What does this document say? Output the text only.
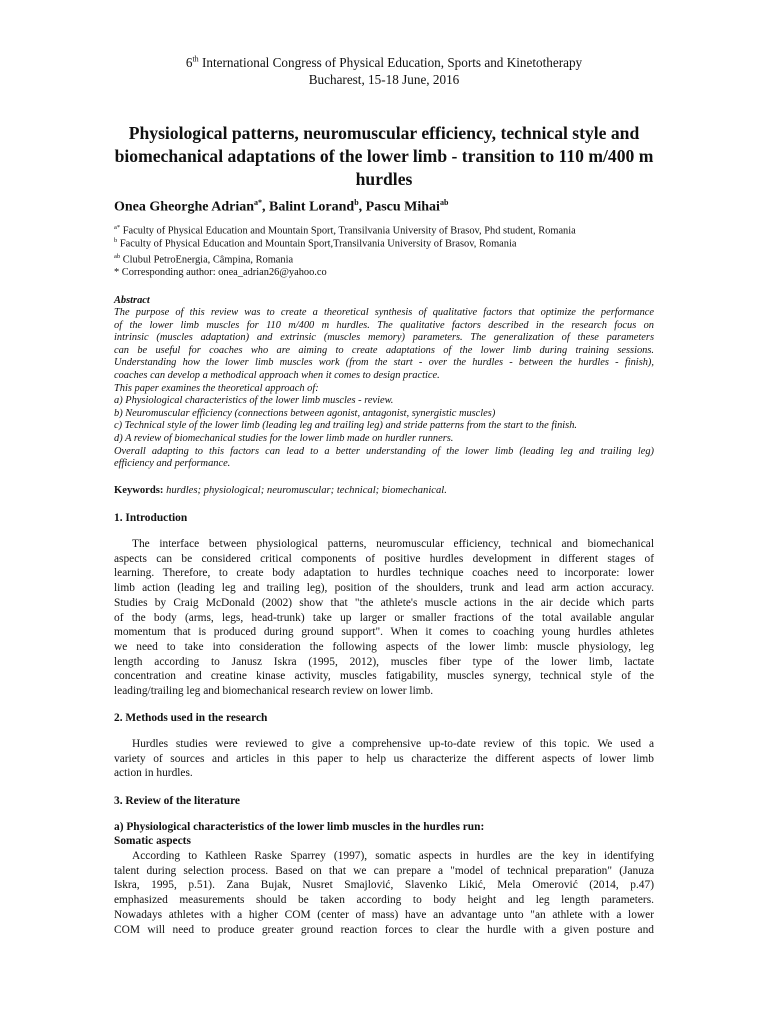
6th International Congress of Physical Education, Sports and Kinetotherapy
Bucharest, 15-18 June, 2016
Physiological patterns, neuromuscular efficiency, technical style and biomechanical adaptations of the lower limb - transition to 110 m/400 m hurdles
Onea Gheorghe Adrian$^{a*}$, Balint Lorand$^b$, Pascu Mihai$^{ab}$
$^{a*}$ Faculty of Physical Education and Mountain Sport, Transilvania University of Brasov, Phd student, Romania
$^b$ Faculty of Physical Education and Mountain Sport,Transilvania University of Brasov, Romania
$^{ab}$ Clubul PetroEnergia, Câmpina, Romania
* Corresponding author: onea_adrian26@yahoo.co
Abstract

The purpose of this review was to create a theoretical synthesis of qualitative factors that optimize the performance

of the lower limb muscles for 110 m/400 m hurdles. The qualitative factors described in the research focus on

intrinsic (muscles adaptation) and extrinsic (muscles memory) parameters. The generalization of these parameters

can be useful for coaches who are aiming to create adaptations of the lower limb during training sessions.

Understanding how the lower limb muscles work (from the start - over the hurdles - between the hurdles - finish),

coaches can develop a methodical approach when it comes to design practice.

This paper examines the theoretical approach of:

a) Physiological characteristics of the lower limb muscles - review.

b) Neuromuscular efficiency (connections between agonist, antagonist, synergistic muscles)

c) Technical style of the lower limb (leading leg and trailing leg) and stride patterns from the start to the finish.

d) A review of biomechanical studies for the lower limb made on hurdler runners.

Overall adapting to this factors can lead to a better understanding of the lower limb (leading leg and trailing leg)

efficiency and performance.

Keywords: hurdles; physiological; neuromuscular; technical; biomechanical.
1. Introduction

The interface between physiological patterns, neuromuscular efficiency, technical and biomechanical

aspects can be considered critical components of positive hurdles development in different stages of

learning. Therefore, to create body adaptation to hurdles technique coaches need to incorporate: lower

limb action (leading leg and trailing leg), position of the shoulders, trunk and lead arm action accuracy.

Studies by Craig McDonald (2002) show that "the athlete's muscle actions in the air decide which parts

of the body (arms, legs, head-trunk) take up larger or smaller fractions of the total available angular

momentum that is produced during ground support". When it comes to coaching young hurdles athletes

we need to take into consideration the following aspects of the lower limb: muscle physiology, leg

length according to Janusz Iskra (1995, 2012), muscles fiber type of the lower limb, lactate

concentration and creatine kinase activity, muscles fatigability, muscles synergy, technical style of the

leading/trailing leg and biomechanical research review on lower limb.

2. Methods used in the research

Hurdles studies were reviewed to give a comprehensive up-to-date review of this topic. We used a

variety of sources and articles in this paper to help us characterize the different aspects of lower limb

action in hurdles.

3. Review of the literature
a) Physiological characteristics of the lower limb muscles in the hurdles run:
Somatic aspects

According to Kathleen Raske Sparrey (1997), somatic aspects in hurdles are the key in identifying

talent during selection process. Based on that we can prepare a "model of technical preparation" (Januza

Iskra, 1995, p.51). Zana Bujak, Nusret Smajlović, Slavenko Likić, Mela Omerović (2014, p.47)

emphasized measurements should be taken according to body height and leg length parameters.

Nowadays athletes with a higher COM (center of mass) have an advantage unto "an athlete with a lower

COM will need to produce greater ground reaction forces to clear the hurdle with a given posture and
